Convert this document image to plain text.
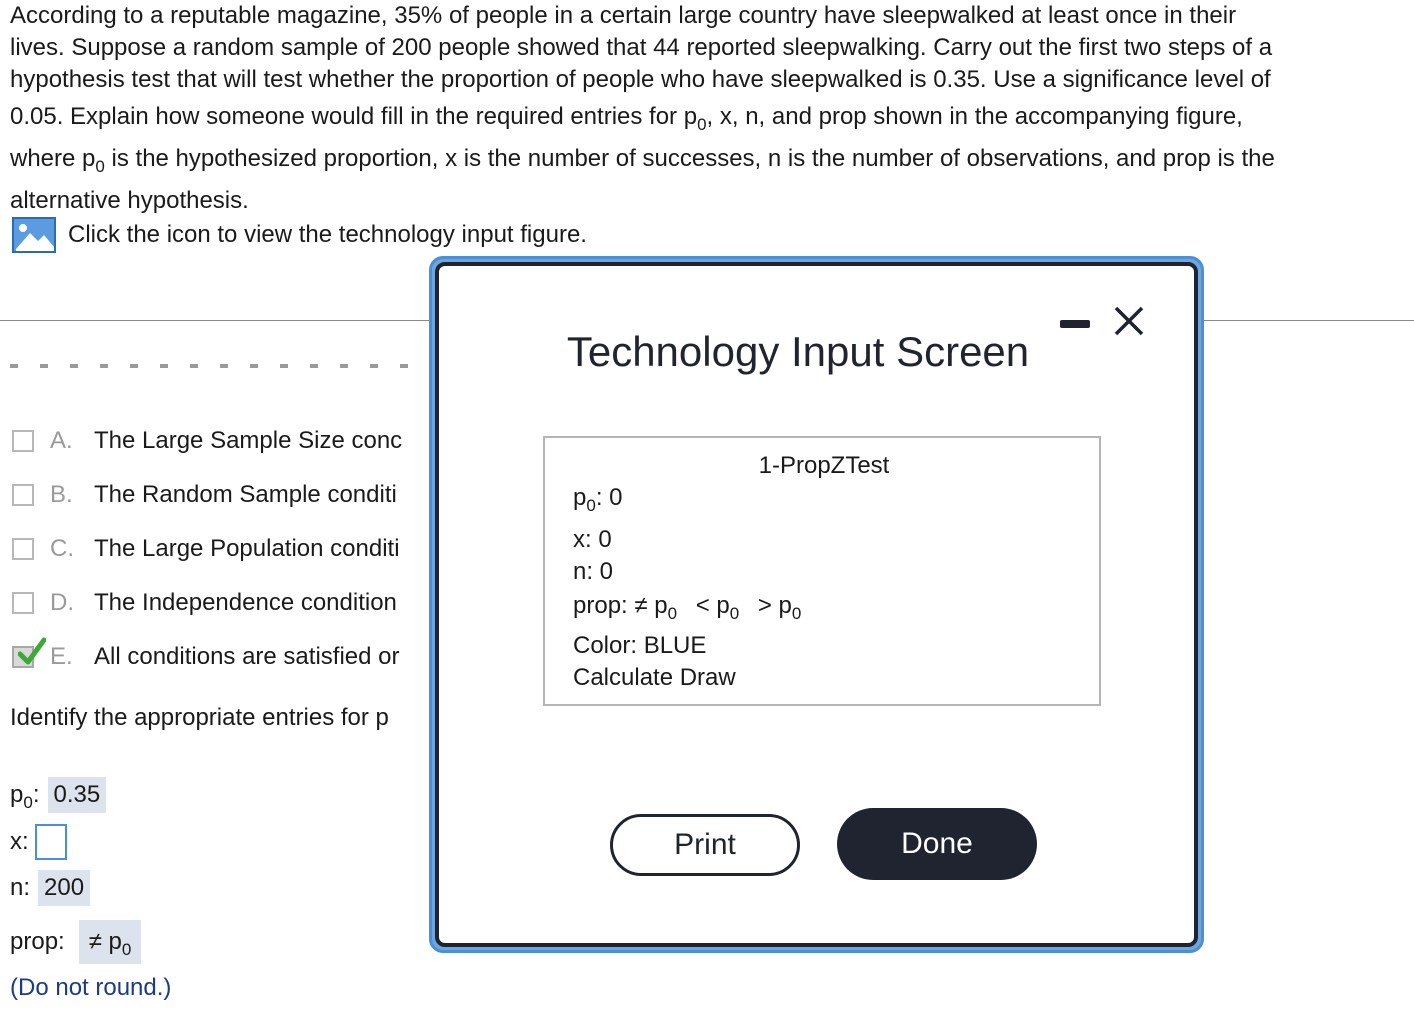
According to a reputable magazine, 35% of people in a certain large country have sleepwalked at least once in their
lives. Suppose a random sample of 200 people showed that 44 reported sleepwalking. Carry out the first two steps of a
hypothesis test that will test whether the proportion of people who have sleepwalked is 0.35. Use a significance level of
0.05. Explain how someone would fill in the required entries for $p_0$, x, n, and prop shown in the accompanying figure,
where $p_0$ is the hypothesized proportion, x is the number of successes, n is the number of observations, and prop is the
alternative hypothesis.
Click the icon to view the technology input figure.
A. The Large Sample Size conc
B. The Random Sample conditi
C. The Large Population conditi
D. The Independence condition
E. All conditions are satisfied or
Identify the appropriate entries for p
$p_0$: 0.35
x:
n: 200
prop:	≠ $p_0$
(Do not round.)
Technology Input Screen
1-PropZTest
$p_0$: 0
x: 0
n: 0
prop: ≠ $p_0 < p_0 > p_0$
Color: BLUE
Calculate Draw
Print	Done
